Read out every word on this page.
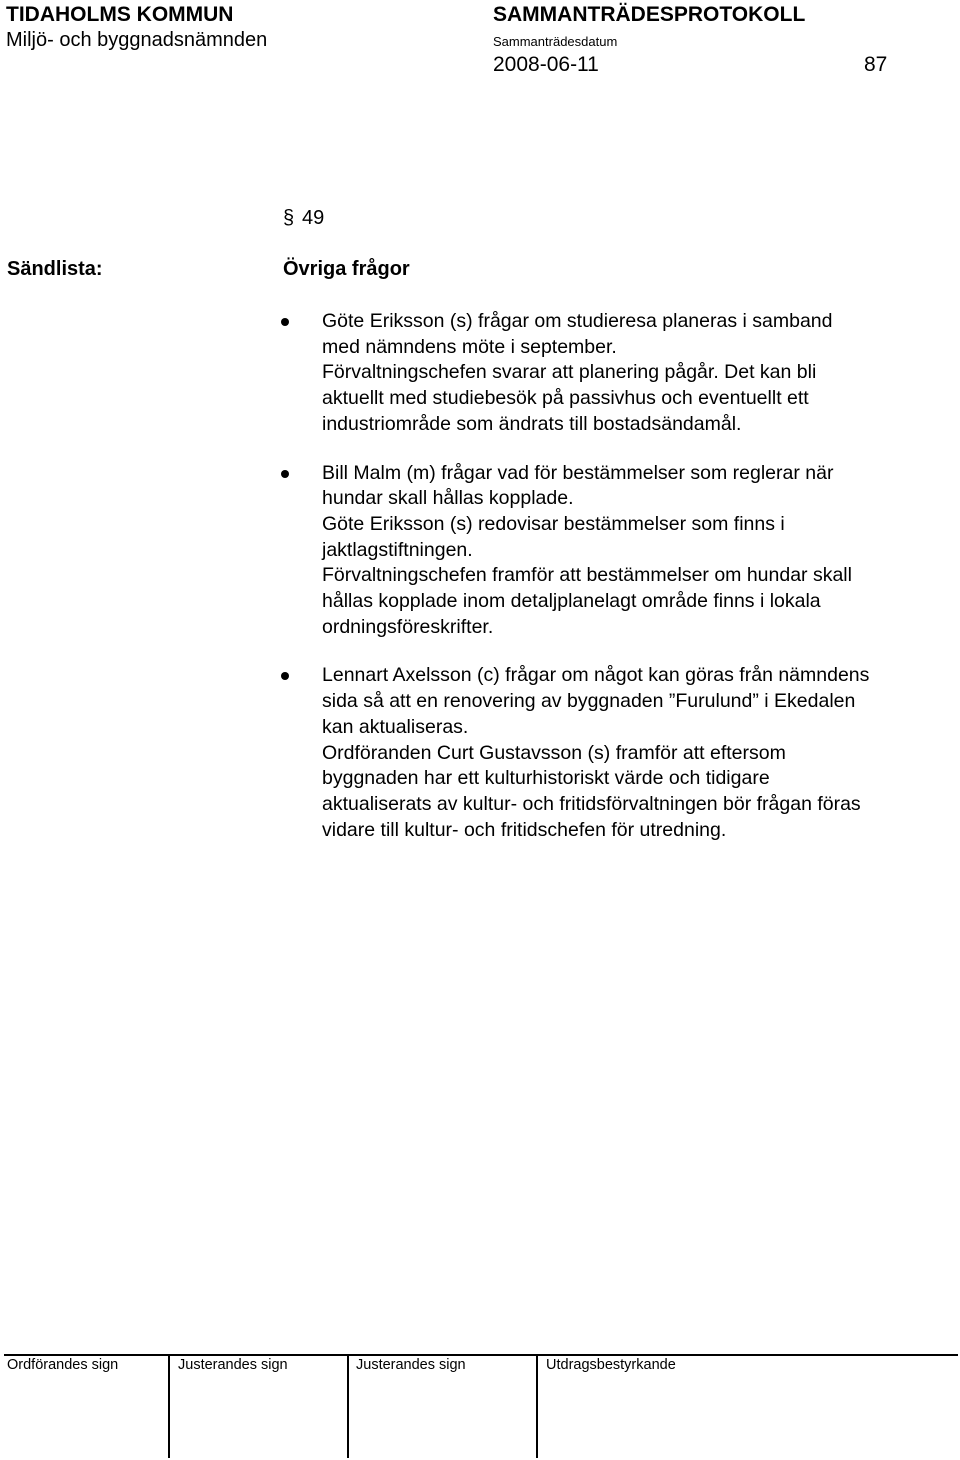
TIDAHOLMS KOMMUN
Miljö- och byggnadsnämnden
SAMMANTRÄDESPROTOKOLL
Sammanträdesdatum
2008-06-11	87
§ 49
Sändlista:	Övriga frågor
Göte Eriksson (s) frågar om studieresa planeras i samband
med nämndens möte i september.
Förvaltningschefen svarar att planering pågår. Det kan bli
aktuellt med studiebesök på passivhus och eventuellt ett
industriområde som ändrats till bostadsändamål.
Bill Malm (m) frågar vad för bestämmelser som reglerar när
hundar skall hållas kopplade.
Göte Eriksson (s) redovisar bestämmelser som finns i
jaktlagstiftningen.
Förvaltningschefen framför att bestämmelser om hundar skall
hållas kopplade inom detaljplanelagt område finns i lokala
ordningsföreskrifter.
Lennart Axelsson (c) frågar om något kan göras från nämndens
sida så att en renovering av byggnaden ”Furulund” i Ekedalen
kan aktualiseras.
Ordföranden Curt Gustavsson (s) framför att eftersom
byggnaden har ett kulturhistoriskt värde och tidigare
aktualiserats av kultur- och fritidsförvaltningen bör frågan föras
vidare till kultur- och fritidschefen för utredning.
Ordförandes sign	Justerandes sign	Justerandes sign	Utdragsbestyrkande
